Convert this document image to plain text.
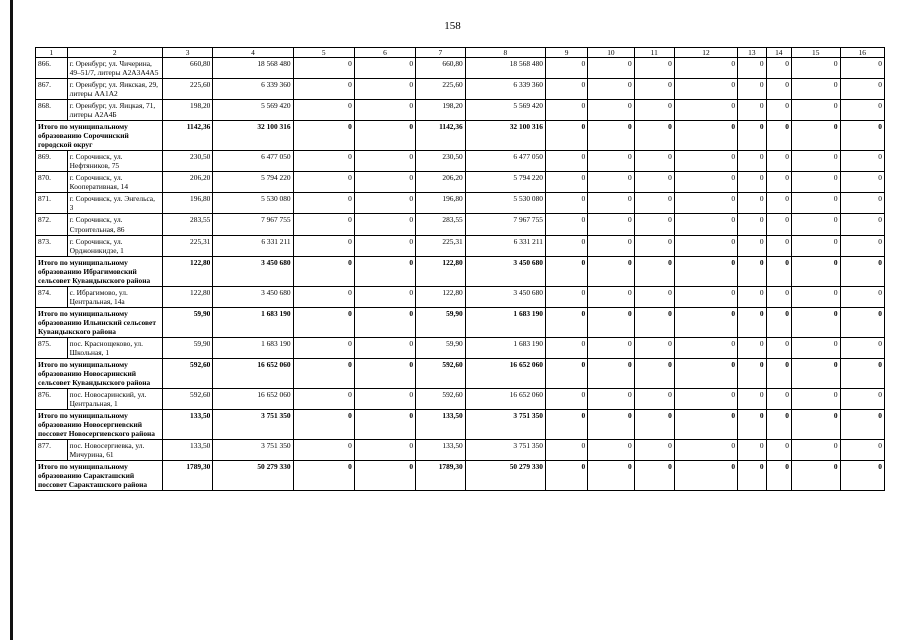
158
1	2	3	4	5	6	7	8	9	10	11	12	13	14	15	16
866.	г. Оренбург, ул. Чичерина, 49–51/7, литеры А2А3А4А5	660,80	18 568 480	0	0	660,80	18 568 480	0	0	0	0	0	0	0	0
867.	г. Оренбург, ул. Яикская, 29, литеры АА1А2	225,60	6 339 360	0	0	225,60	6 339 360	0	0	0	0	0	0	0	0
868.	г. Оренбург, ул. Яицкая, 71, литеры А2А4Б	198,20	5 569 420	0	0	198,20	5 569 420	0	0	0	0	0	0	0	0
Итого по муниципальному образованию Сорочинский городской округ		1142,36	32 100 316	0	0	1142,36	32 100 316	0	0	0	0	0	0	0	0
869.	г. Сорочинск, ул. Нефтяников, 75	230,50	6 477 050	0	0	230,50	6 477 050	0	0	0	0	0	0	0	0
870.	г. Сорочинск, ул. Кооперативная, 14	206,20	5 794 220	0	0	206,20	5 794 220	0	0	0	0	0	0	0	0
871.	г. Сорочинск, ул. Энгельса, 3	196,80	5 530 080	0	0	196,80	5 530 080	0	0	0	0	0	0	0	0
872.	г. Сорочинск, ул. Строительная, 86	283,55	7 967 755	0	0	283,55	7 967 755	0	0	0	0	0	0	0	0
873.	г. Сорочинск, ул. Орджоникидзе, 1	225,31	6 331 211	0	0	225,31	6 331 211	0	0	0	0	0	0	0	0
Итого по муниципальному образованию Ибрагимовский сельсовет Кувандыкского района		122,80	3 450 680	0	0	122,80	3 450 680	0	0	0	0	0	0	0	0
874.	с. Ибрагимово, ул. Центральная, 14а	122,80	3 450 680	0	0	122,80	3 450 680	0	0	0	0	0	0	0	0
Итого по муниципальному образованию Ильинский сельсовет Кувандыкского района		59,90	1 683 190	0	0	59,90	1 683 190	0	0	0	0	0	0	0	0
875.	пос. Краснощеково, ул. Школьная, 1	59,90	1 683 190	0	0	59,90	1 683 190	0	0	0	0	0	0	0	0
Итого по муниципальному образованию Новосаринский сельсовет Кувандыкского района		592,60	16 652 060	0	0	592,60	16 652 060	0	0	0	0	0	0	0	0
876.	пос. Новосаринский, ул. Центральная, 1	592,60	16 652 060	0	0	592,60	16 652 060	0	0	0	0	0	0	0	0
Итого по муниципальному образованию Новосергиевский поссовет Новосергиевского района		133,50	3 751 350	0	0	133,50	3 751 350	0	0	0	0	0	0	0	0
877.	пос. Новосергиевка, ул. Мичурина, 61	133,50	3 751 350	0	0	133,50	3 751 350	0	0	0	0	0	0	0	0
Итого по муниципальному образованию Саракташский поссовет Саракташского района		1789,30	50 279 330	0	0	1789,30	50 279 330	0	0	0	0	0	0	0	0
